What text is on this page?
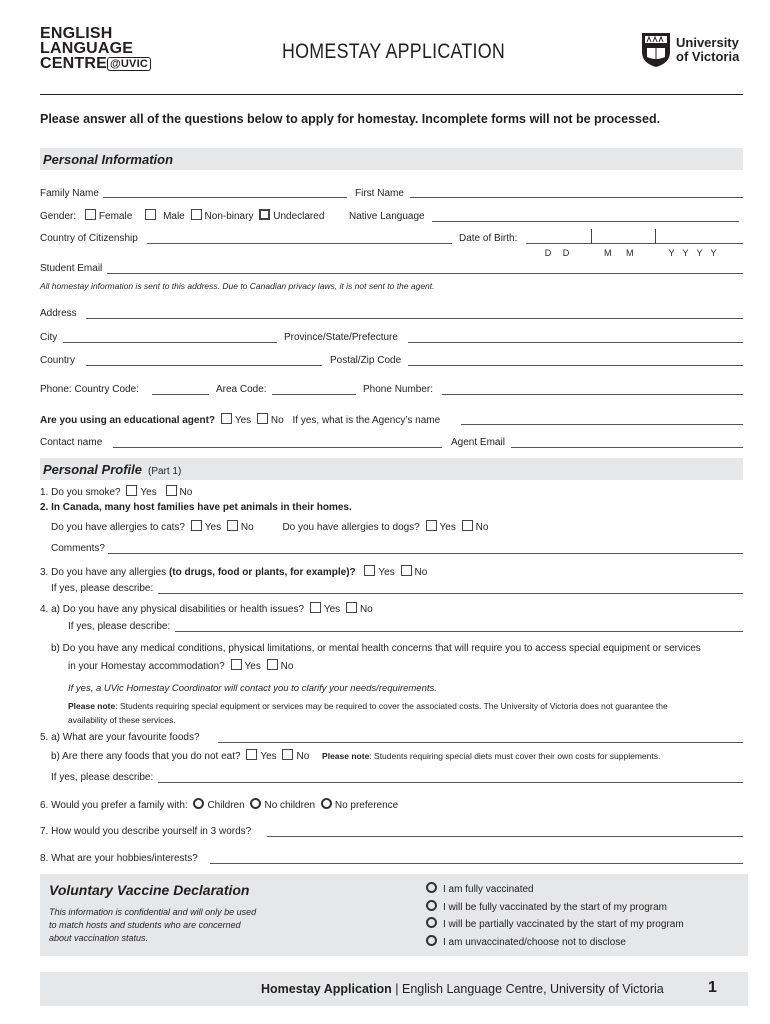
ENGLISH
LANGUAGE
CENTRE @UVIC
HOMESTAY APPLICATION	University
of Victoria
Please answer all of the questions below to apply for homestay. Incomplete forms will not be processed.
Personal Information
Family Name	First Name
Gender: Female	Male Non-binary Undeclared Native Language
Country of Citizenship	Date of Birth:
D D	M M	Y Y Y Y
Student Email
All homestay information is sent to this address. Due to Canadian privacy laws, it is not sent to the agent.
Address
City	Province/State/Prefecture
Country	Postal/Zip Code
Phone: Country Code:	Area Code:	Phone Number:
Are you using an educational agent? Yes No If yes, what is the Agency’s name
Contact name	Agent Email
Personal Profile (Part 1)
1. Do you smoke? Yes No
2. In Canada, many host families have pet animals in their homes.
Do you have allergies to cats? Yes No	Do you have allergies to dogs? Yes No
Comments?
3. Do you have any allergies (to drugs, food or plants, for example)? Yes No
If yes, please describe:
4. a) Do you have any physical disabilities or health issues? Yes No
If yes, please describe:
b) Do you have any medical conditions, physical limitations, or mental health concerns that will require you to access special equipment or services
in your Homestay accommodation? Yes No
If yes, a UVic Homestay Coordinator will contact you to clarify your needs/requirements.
Please note: Students requiring special equipment or services may be required to cover the associated costs. The University of Victoria does not guarantee the
availability of these services.
5. a) What are your favourite foods?
b) Are there any foods that you do not eat? Yes No Please note: Students requiring special diets must cover their own costs for supplements.
If yes, please describe:
6. Would you prefer a family with: Children No children No preference
7. How would you describe yourself in 3 words?
8. What are your hobbies/interests?
Voluntary Vaccine Declaration
This information is confidential and will only be used
to match hosts and students who are concerned
about vaccination status.
I am fully vaccinated
I will be fully vaccinated by the start of my program
I will be partially vaccinated by the start of my program
I am unvaccinated/choose not to disclose
Homestay Application | English Language Centre, University of Victoria	1
